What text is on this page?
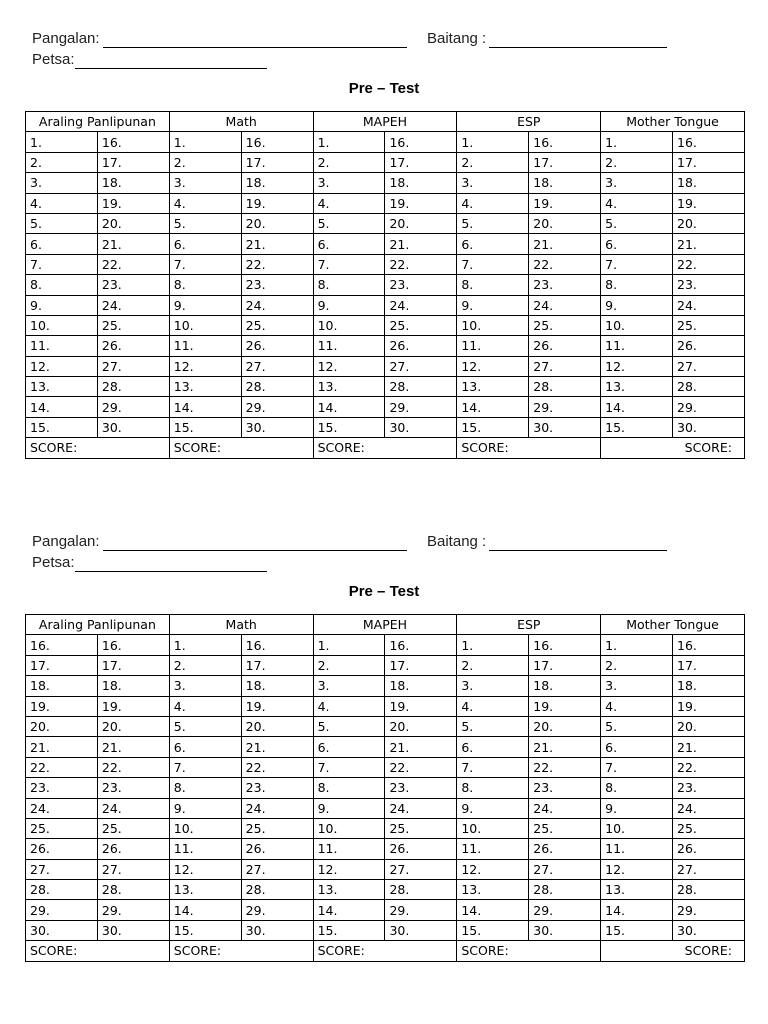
Pangalan:	Baitang :
Petsa:
Pre – Test
Araling Panlipunan		Math		MAPEH		ESP		Mother Tongue	
1.	16.	1.	16.	1.	16.	1.	16.	1.	16.
2.	17.	2.	17.	2.	17.	2.	17.	2.	17.
3.	18.	3.	18.	3.	18.	3.	18.	3.	18.
4.	19.	4.	19.	4.	19.	4.	19.	4.	19.
5.	20.	5.	20.	5.	20.	5.	20.	5.	20.
6.	21.	6.	21.	6.	21.	6.	21.	6.	21.
7.	22.	7.	22.	7.	22.	7.	22.	7.	22.
8.	23.	8.	23.	8.	23.	8.	23.	8.	23.
9.	24.	9.	24.	9.	24.	9.	24.	9.	24.
10.	25.	10.	25.	10.	25.	10.	25.	10.	25.
11.	26.	11.	26.	11.	26.	11.	26.	11.	26.
12.	27.	12.	27.	12.	27.	12.	27.	12.	27.
13.	28.	13.	28.	13.	28.	13.	28.	13.	28.
14.	29.	14.	29.	14.	29.	14.	29.	14.	29.
15.	30.	15.	30.	15.	30.	15.	30.	15.	30.
SCORE:		SCORE:		SCORE:		SCORE:		SCORE:	
Pangalan:	Baitang :
Petsa:
Pre – Test
Araling Panlipunan		Math		MAPEH		ESP		Mother Tongue	
16.	16.	1.	16.	1.	16.	1.	16.	1.	16.
17.	17.	2.	17.	2.	17.	2.	17.	2.	17.
18.	18.	3.	18.	3.	18.	3.	18.	3.	18.
19.	19.	4.	19.	4.	19.	4.	19.	4.	19.
20.	20.	5.	20.	5.	20.	5.	20.	5.	20.
21.	21.	6.	21.	6.	21.	6.	21.	6.	21.
22.	22.	7.	22.	7.	22.	7.	22.	7.	22.
23.	23.	8.	23.	8.	23.	8.	23.	8.	23.
24.	24.	9.	24.	9.	24.	9.	24.	9.	24.
25.	25.	10.	25.	10.	25.	10.	25.	10.	25.
26.	26.	11.	26.	11.	26.	11.	26.	11.	26.
27.	27.	12.	27.	12.	27.	12.	27.	12.	27.
28.	28.	13.	28.	13.	28.	13.	28.	13.	28.
29.	29.	14.	29.	14.	29.	14.	29.	14.	29.
30.	30.	15.	30.	15.	30.	15.	30.	15.	30.
SCORE:		SCORE:		SCORE:		SCORE:		SCORE:	
